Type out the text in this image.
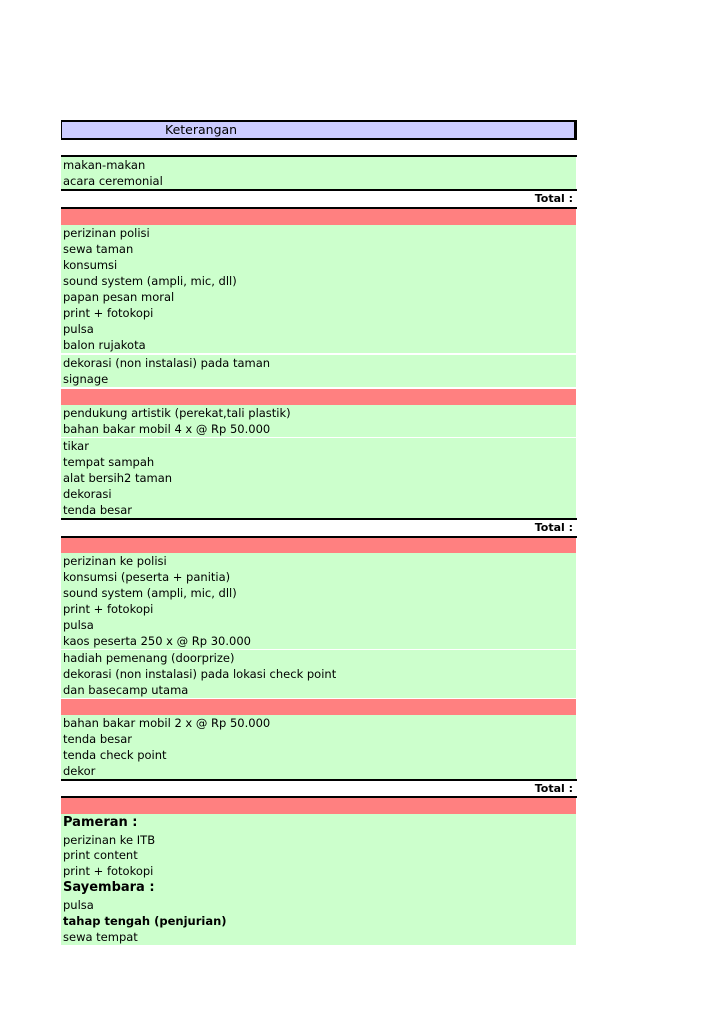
Keterangan
makan-makan
acara ceremonial
Total :
perizinan polisi
sewa taman
konsumsi
sound system (ampli, mic, dll)
papan pesan moral
print + fotokopi
pulsa
balon rujakota
dekorasi (non instalasi) pada taman
signage
pendukung artistik (perekat,tali plastik)
bahan bakar mobil 4 x @ Rp 50.000
tikar
tempat sampah
alat bersih2 taman
dekorasi
tenda besar
Total :
perizinan ke polisi
konsumsi (peserta + panitia)
sound system (ampli, mic, dll)
print + fotokopi
pulsa
kaos peserta 250 x @ Rp 30.000
hadiah pemenang (doorprize)
dekorasi (non instalasi) pada lokasi check point
dan basecamp utama
bahan bakar mobil 2 x @ Rp 50.000
tenda besar
tenda check point
dekor
Total :
Pameran :
perizinan ke ITB
print content
print + fotokopi
Sayembara :
pulsa
tahap tengah (penjurian)
sewa tempat
